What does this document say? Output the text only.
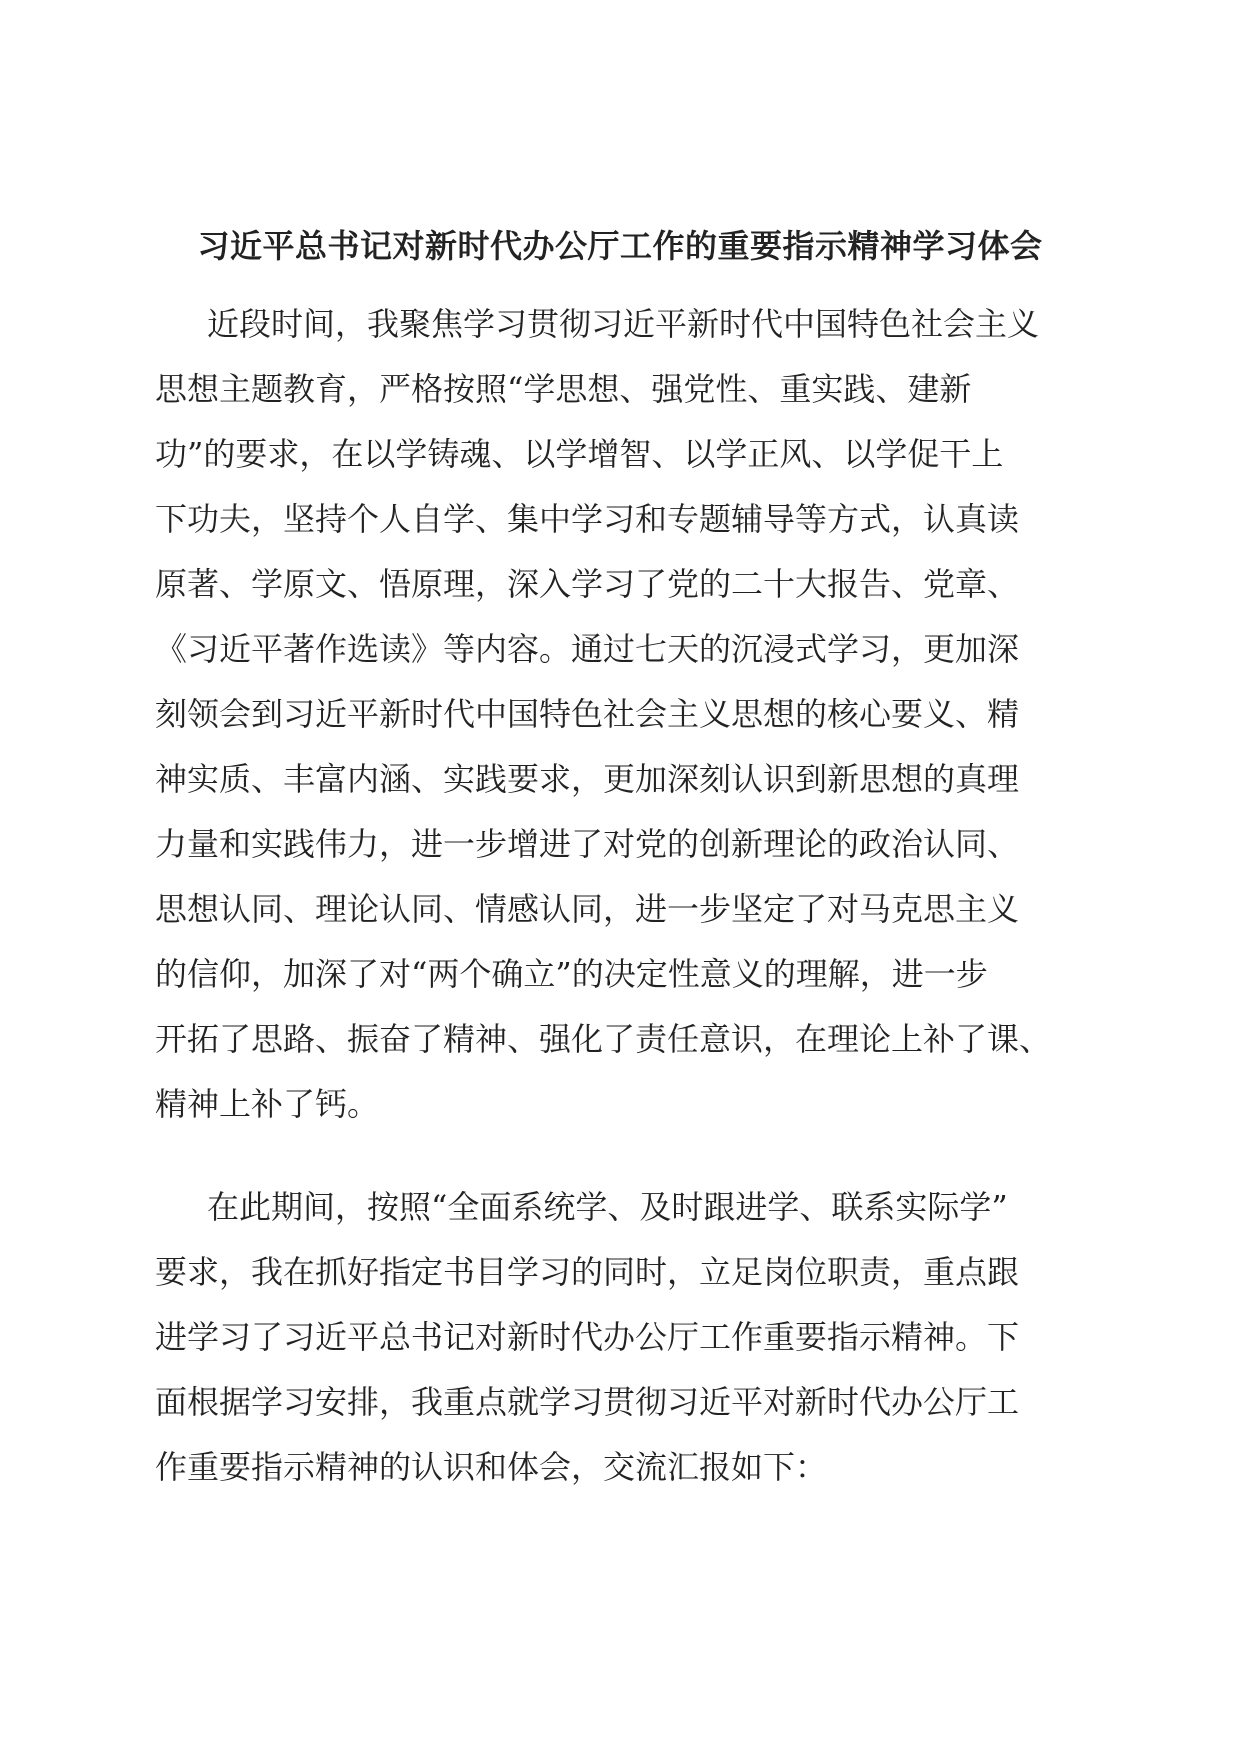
习近平总书记对新时代办公厅工作的重要指示精神学习体会
近段时间，我聚焦学习贯彻习近平新时代中国特色社会主义
思想主题教育，严格按照“学思想、强党性、重实践、建新
功”的要求，在以学铸魂、以学增智、以学正风、以学促干上
下功夫，坚持个人自学、集中学习和专题辅导等方式，认真读
原著、学原文、悟原理，深入学习了党的二十大报告、党章、
《习近平著作选读》等内容。通过七天的沉浸式学习，更加深
刻领会到习近平新时代中国特色社会主义思想的核心要义、精
神实质、丰富内涵、实践要求，更加深刻认识到新思想的真理
力量和实践伟力，进一步增进了对党的创新理论的政治认同、
思想认同、理论认同、情感认同，进一步坚定了对马克思主义
的信仰，加深了对“两个确立”的决定性意义的理解，进一步
开拓了思路、振奋了精神、强化了责任意识，在理论上补了课、
精神上补了钙。
在此期间，按照“全面系统学、及时跟进学、联系实际学”
要求，我在抓好指定书目学习的同时，立足岗位职责，重点跟
进学习了习近平总书记对新时代办公厅工作重要指示精神。下
面根据学习安排，我重点就学习贯彻习近平对新时代办公厅工
作重要指示精神的认识和体会，交流汇报如下：
